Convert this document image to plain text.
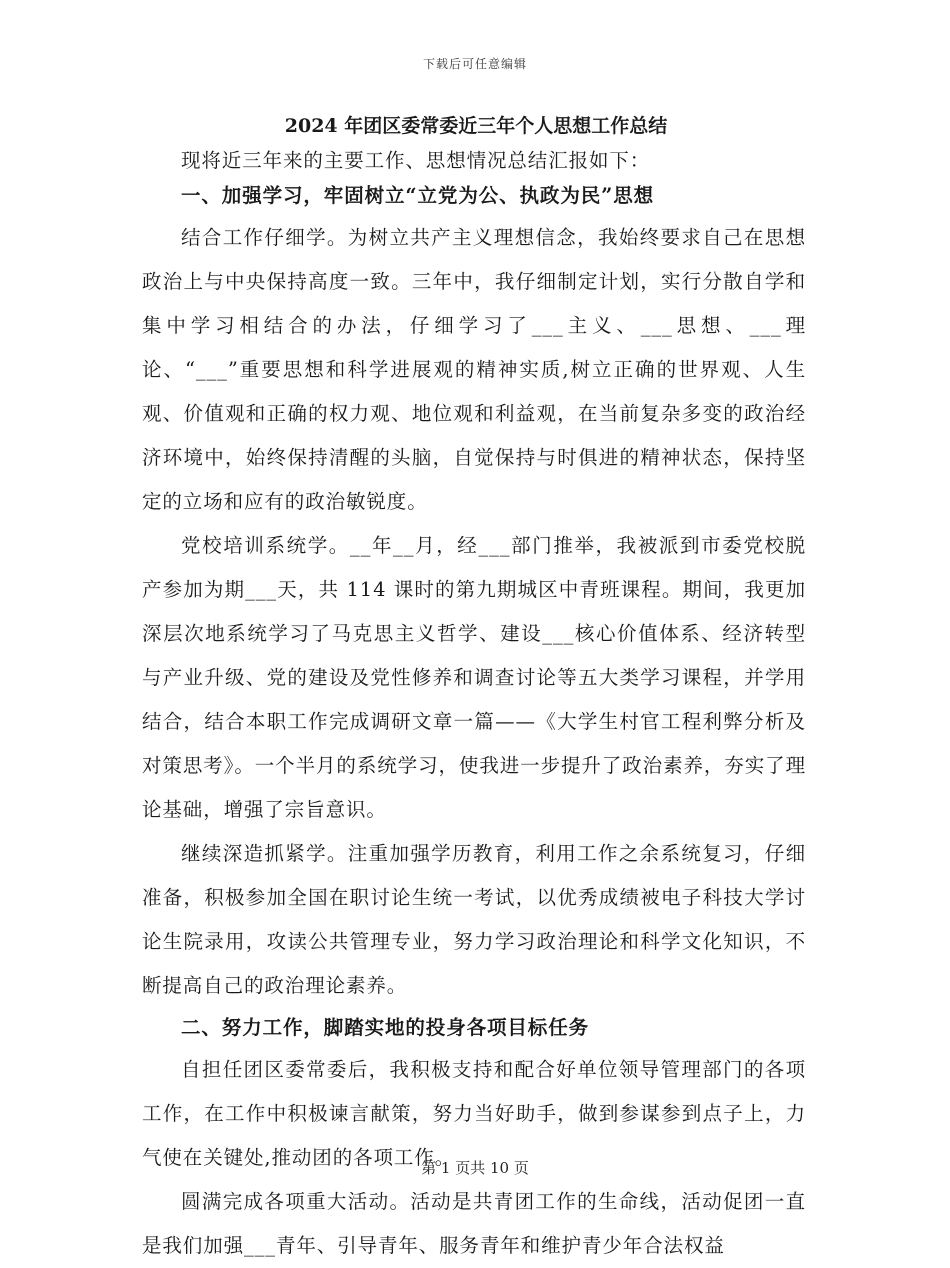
下载后可任意编辑
2024 年团区委常委近三年个人思想工作总结

现将近三年来的主要工作、思想情况总结汇报如下：

一、加强学习，牢固树立“立党为公、执政为民”思想

结合工作仔细学。为树立共产主义理想信念，我始终要求自己在思想政治上与中央保持高度一致。三年中，我仔细制定计划，实行分散自学和集中学习相结合的办法，仔细学习了___主义、___思想、___理论、“___”重要思想和科学进展观的精神实质,树立正确的世界观、人生观、价值观和正确的权力观、地位观和利益观，在当前复杂多变的政治经济环境中，始终保持清醒的头脑，自觉保持与时俱进的精神状态，保持坚定的立场和应有的政治敏锐度。

党校培训系统学。__年__月，经___部门推举，我被派到市委党校脱产参加为期___天，共 114 课时的第九期城区中青班课程。期间，我更加深层次地系统学习了马克思主义哲学、建设___核心价值体系、经济转型与产业升级、党的建设及党性修养和调查讨论等五大类学习课程，并学用结合，结合本职工作完成调研文章一篇——《大学生村官工程利弊分析及对策思考》。一个半月的系统学习，使我进一步提升了政治素养，夯实了理论基础，增强了宗旨意识。

继续深造抓紧学。注重加强学历教育，利用工作之余系统复习，仔细准备，积极参加全国在职讨论生统一考试，以优秀成绩被电子科技大学讨论生院录用，攻读公共管理专业，努力学习政治理论和科学文化知识，不断提高自己的政治理论素养。

二、努力工作，脚踏实地的投身各项目标任务

自担任团区委常委后，我积极支持和配合好单位领导管理部门的各项工作，在工作中积极谏言献策，努力当好助手，做到参谋参到点子上，力气使在关键处,推动团的各项工作。

圆满完成各项重大活动。活动是共青团工作的生命线，活动促团一直是我们加强___青年、引导青年、服务青年和维护青少年合法权益

第 1 页共 10 页
